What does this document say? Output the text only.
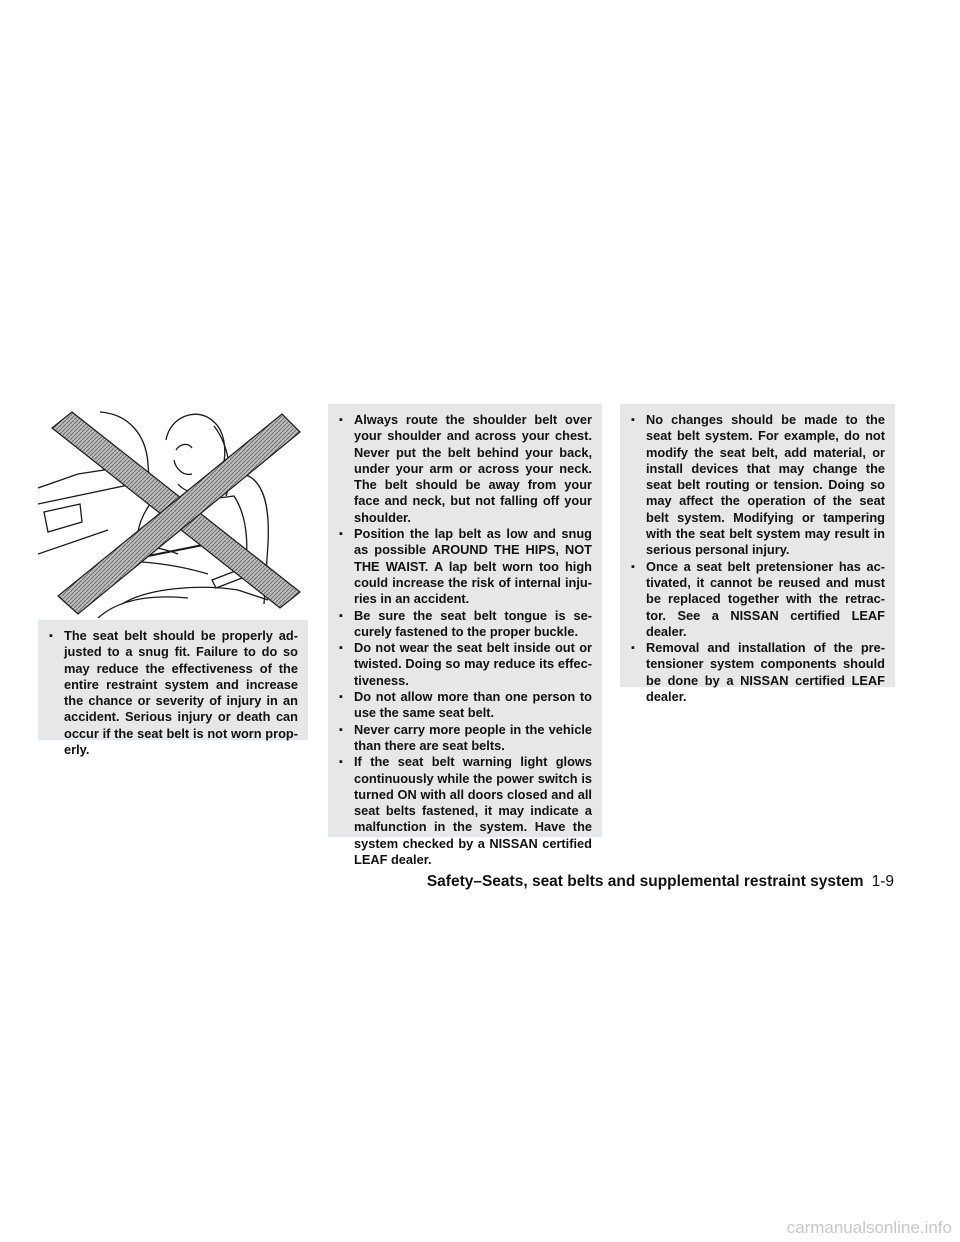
▪ The seat belt should be properly ad-justed to a snug fit. Failure to do so may reduce the effectiveness of the entire restraint system and increase the chance or severity of injury in an accident. Serious injury or death can occur if the seat belt is not worn prop-erly.
▪ Always route the shoulder belt over your shoulder and across your chest. Never put the belt behind your back, under your arm or across your neck. The belt should be away from your face and neck, but not falling off your shoulder.
▪ Position the lap belt as low and snug as possible AROUND THE HIPS, NOT THE WAIST. A lap belt worn too high could increase the risk of internal inju-ries in an accident.
▪ Be sure the seat belt tongue is se-curely fastened to the proper buckle.
▪ Do not wear the seat belt inside out or twisted. Doing so may reduce its effec-tiveness.
▪ Do not allow more than one person to use the same seat belt.
▪ Never carry more people in the vehicle than there are seat belts.
▪ If the seat belt warning light glows continuously while the power switch is turned ON with all doors closed and all seat belts fastened, it may indicate a malfunction in the system. Have the system checked by a NISSAN certified LEAF dealer.
▪ No changes should be made to the seat belt system. For example, do not modify the seat belt, add material, or install devices that may change the seat belt routing or tension. Doing so may affect the operation of the seat belt system. Modifying or tampering with the seat belt system may result in serious personal injury.
▪ Once a seat belt pretensioner has ac-tivated, it cannot be reused and must be replaced together with the retrac-tor. See a NISSAN certified LEAF dealer.
▪ Removal and installation of the pre-tensioner system components should be done by a NISSAN certified LEAF dealer.
Safety–Seats, seat belts and supplemental restraint system 1-9
carmanualsonline.info
